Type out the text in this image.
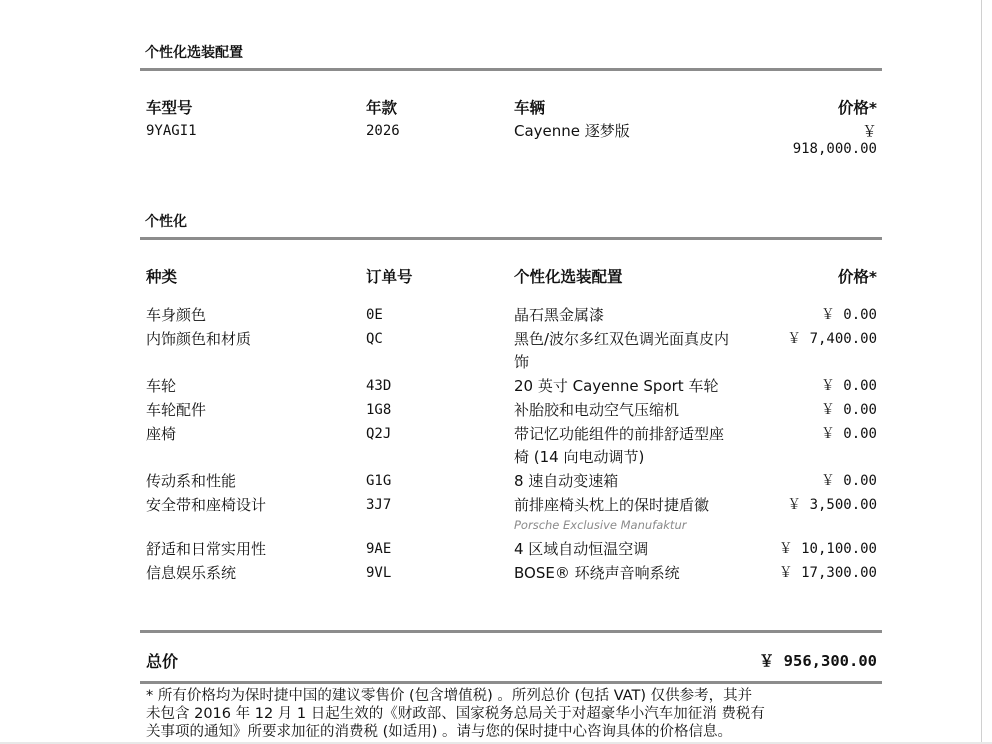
个性化选装配置
车型号	年款	车辆	价格*
9YAGI1	2026	Cayenne 逐梦版	￥
918,000.00
个性化
种类	订单号	个性化选装配置	价格*
车身颜色	0E	晶石黑金属漆	￥ 0.00
内饰颜色和材质	QC	黑色/波尔多红双色调光面真皮内
饰
￥ 7,400.00
车轮	43D	20 英寸 Cayenne Sport 车轮	￥ 0.00
车轮配件	1G8	补胎胶和电动空气压缩机	￥ 0.00
座椅	Q2J	带记忆功能组件的前排舒适型座
椅 (14 向电动调节)
￥ 0.00
传动系和性能	G1G	8 速自动变速箱	￥ 0.00
安全带和座椅设计	3J7	前排座椅头枕上的保时捷盾徽
Porsche Exclusive Manufaktur
￥ 3,500.00
舒适和日常实用性	9AE	4 区域自动恒温空调	￥ 10,100.00
信息娱乐系统	9VL	BOSE® 环绕声音响系统	￥ 17,300.00
总价	￥ 956,300.00
* 所有价格均为保时捷中国的建议零售价 (包含增值税) 。所列总价 (包括 VAT) 仅供参考，其并
未包含 2016 年 12 月 1 日起生效的《财政部、国家税务总局关于对超豪华小汽车加征消 费税有
关事项的通知》所要求加征的消费税 (如适用) 。请与您的保时捷中心咨询具体的价格信息。
